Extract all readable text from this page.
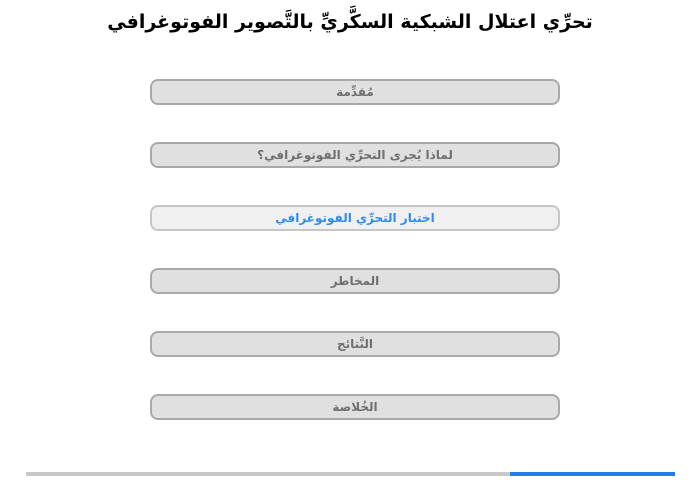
تحرِّي اعتلال الشبكية السكَّريِّ بالتَّصوير الفوتوغرافي
مُقدِّمة
لماذا يُجرى التحرِّي الفوتوغرافي؟
اختبار التحرِّي الفوتوغرافي
المخاطر
النَّتائج
الخُلاصة
